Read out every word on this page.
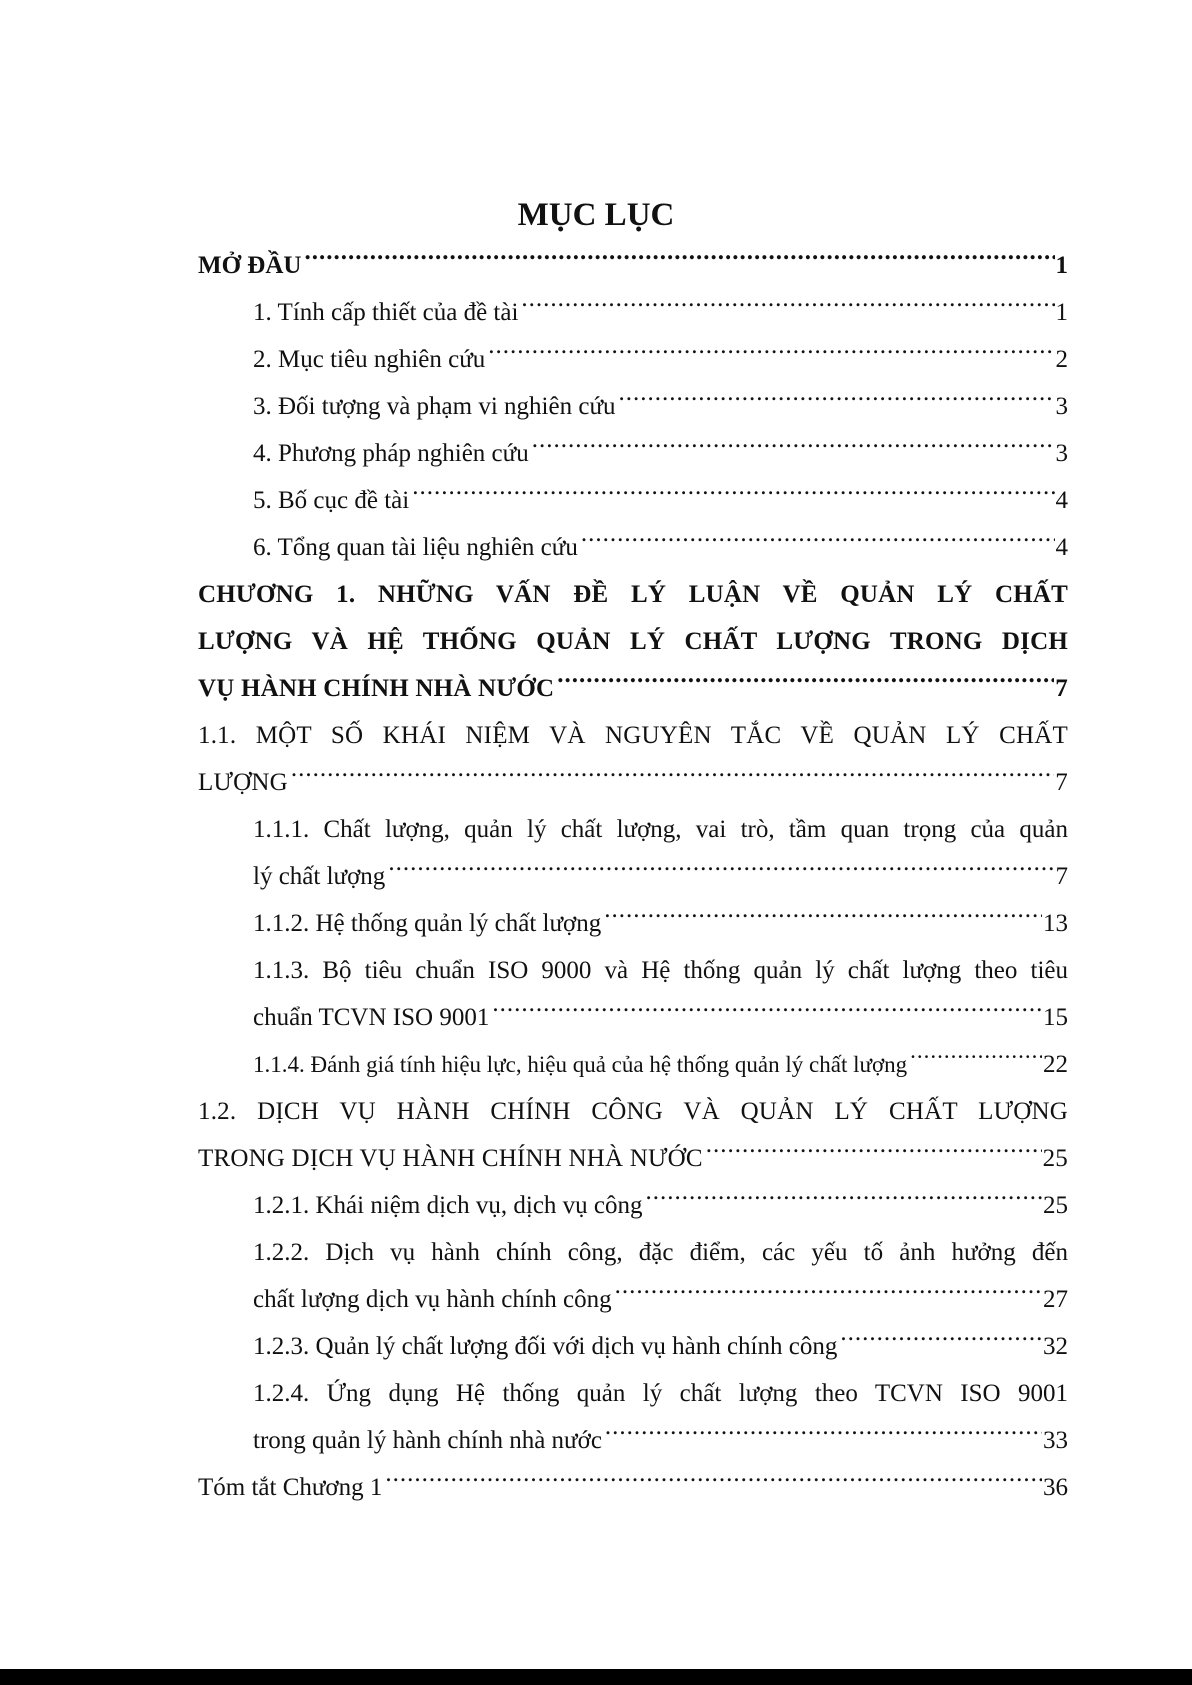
MỤC LỤC
MỞ ĐẦU .....	1
1. Tính cấp thiết của đề tài .....	1
2. Mục tiêu nghiên cứu .....	2
3. Đối tượng và phạm vi nghiên cứu .....	3
4. Phương pháp nghiên cứu .....	3
5. Bố cục đề tài .....	4
6. Tổng quan tài liệu nghiên cứu .....	4
CHƯƠNG 1. NHỮNG VẤN ĐỀ LÝ LUẬN VỀ QUẢN LÝ CHẤT
LƯỢNG VÀ HỆ THỐNG QUẢN LÝ CHẤT LƯỢNG TRONG DỊCH
VỤ HÀNH CHÍNH NHÀ NƯỚC .....	7
1.1. MỘT SỐ KHÁI NIỆM VÀ NGUYÊN TẮC VỀ QUẢN LÝ CHẤT
LƯỢNG .....	7
1.1.1. Chất lượng, quản lý chất lượng, vai trò, tầm quan trọng của quản
lý chất lượng .....	7
1.1.2. Hệ thống quản lý chất lượng .....	13
1.1.3. Bộ tiêu chuẩn ISO 9000 và Hệ thống quản lý chất lượng theo tiêu
chuẩn TCVN ISO 9001 .....	15
1.1.4. Đánh giá tính hiệu lực, hiệu quả của hệ thống quản lý chất lượng .....	22
1.2. DỊCH VỤ HÀNH CHÍNH CÔNG VÀ QUẢN LÝ CHẤT LƯỢNG
TRONG DỊCH VỤ HÀNH CHÍNH NHÀ NƯỚC .....	25
1.2.1. Khái niệm dịch vụ, dịch vụ công .....	25
1.2.2. Dịch vụ hành chính công, đặc điểm, các yếu tố ảnh hưởng đến
chất lượng dịch vụ hành chính công .....	27
1.2.3. Quản lý chất lượng đối với dịch vụ hành chính công .....	32
1.2.4. Ứng dụng Hệ thống quản lý chất lượng theo TCVN ISO 9001
trong quản lý hành chính nhà nước .....	33
Tóm tắt Chương 1 .....	36
